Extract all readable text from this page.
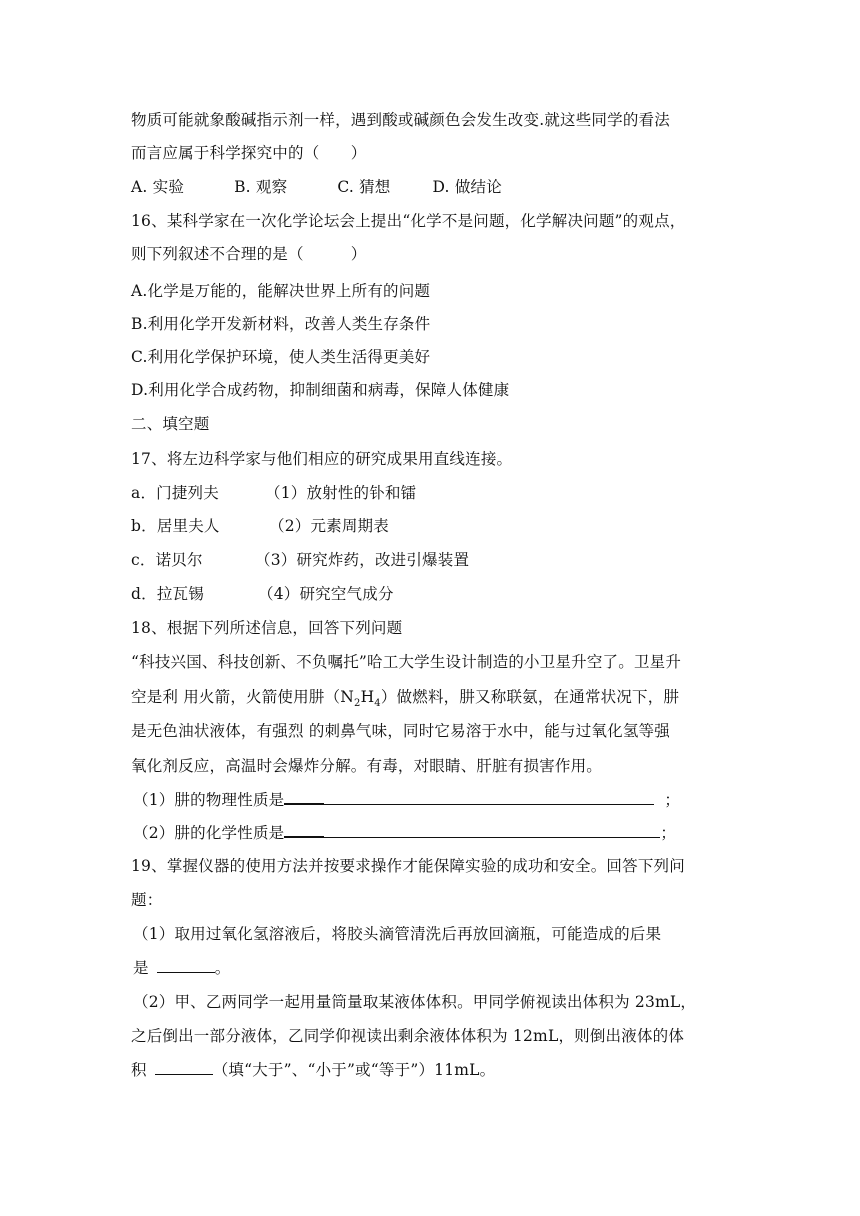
物质可能就象酸碱指示剂一样，遇到酸或碱颜色会发生改变.就这些同学的看法
而言应属于科学探究中的（　　）
A. 实验	B. 观察	C. 猜想	D. 做结论
16、某科学家在一次化学论坛会上提出“化学不是问题，化学解决问题”的观点，
则下列叙述不合理的是（　　　）
A.化学是万能的，能解决世界上所有的问题
B.利用化学开发新材料，改善人类生存条件
C.利用化学保护环境，使人类生活得更美好
D.利用化学合成药物，抑制细菌和病毒，保障人体健康
二、填空题
17、将左边科学家与他们相应的研究成果用直线连接。
a．门捷列夫	（1）放射性的钋和镭
b．居里夫人	（2）元素周期表
c．诺贝尔	（3）研究炸药，改进引爆装置
d．拉瓦锡	（4）研究空气成分
18、根据下列所述信息，回答下列问题
“科技兴国、科技创新、不负嘱托”哈工大学生设计制造的小卫星升空了。卫星升
空是利 用火箭，火箭使用肼$(N_2H_4)$做燃料，肼又称联氨，在通常状况下，肼
是无色油状液体，有强烈 的刺鼻气味，同时它易溶于水中，能与过氧化氢等强
氧化剂反应，高温时会爆炸分解。有毒，对眼睛、肝脏有损害作用。
（1）肼的物理性质是	；
（2）肼的化学性质是	；
19、掌握仪器的使用方法并按要求操作才能保障实验的成功和安全。回答下列问
题：
（1）取用过氧化氢溶液后，将胶头滴管清洗后再放回滴瓶，可能造成的后果
是	。
（2）甲、乙两同学一起用量筒量取某液体体积。甲同学俯视读出体积为 23mL，
之后倒出一部分液体，乙同学仰视读出剩余液体体积为 12mL，则倒出液体的体
积	（填“大于”、“小于”或“等于”）11mL。
